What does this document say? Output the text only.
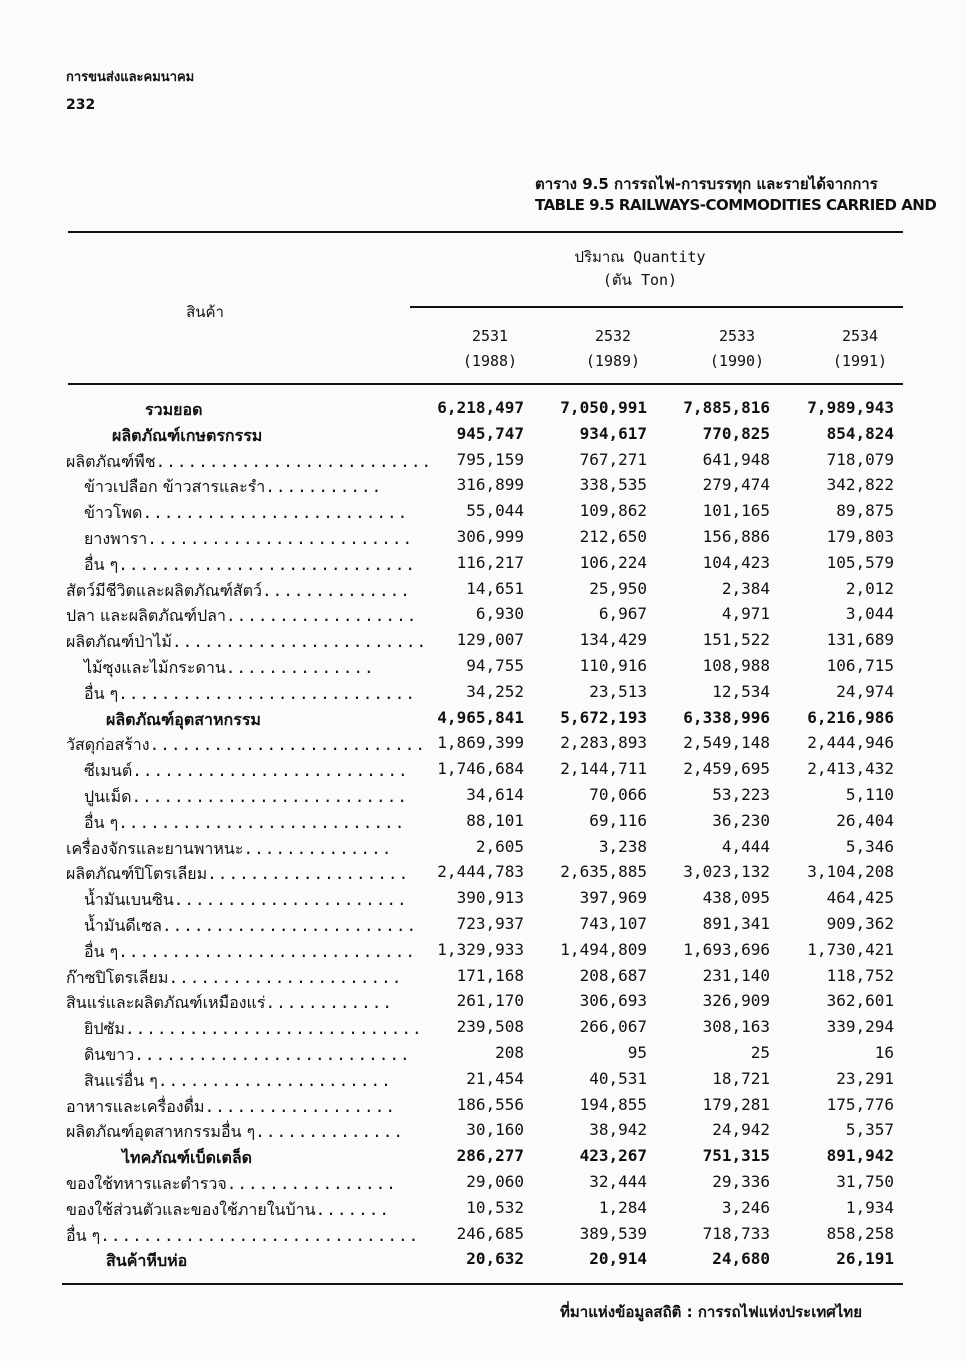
การขนส่งและคมนาคม
232
ตาราง 9.5 การรถไฟ-การบรรทุก และรายได้จากการ
TABLE 9.5 RAILWAYS-COMMODITIES CARRIED AND
ปริมาณ Quantity
(ตัน Ton)
สินค้า
2531
(1988)
2532
(1989)
2533
(1990)
2534
(1991)
รวมยอด	6,218,497	7,050,991	7,885,816	7,989,943
ผลิตภัณฑ์เกษตรกรรม	945,747	934,617	770,825	854,824
ผลิตภัณฑ์พืช..........................	795,159	767,271	641,948	718,079
ข้าวเปลือก ข้าวสารและรำ...........	316,899	338,535	279,474	342,822
ข้าวโพด.........................	55,044	109,862	101,165	89,875
ยางพารา.........................	306,999	212,650	156,886	179,803
อื่น ๆ............................	116,217	106,224	104,423	105,579
สัตว์มีชีวิตและผลิตภัณฑ์สัตว์..............	14,651	25,950	2,384	2,012
ปลา และผลิตภัณฑ์ปลา..................	6,930	6,967	4,971	3,044
ผลิตภัณฑ์ป่าไม้........................	129,007	134,429	151,522	131,689
ไม้ซุงและไม้กระดาน..............	94,755	110,916	108,988	106,715
อื่น ๆ............................	34,252	23,513	12,534	24,974
ผลิตภัณฑ์อุตสาหกรรม	4,965,841	5,672,193	6,338,996	6,216,986
วัสดุก่อสร้าง.......................... 1,869,399	2,283,893	2,549,148	2,444,946
ซีเมนต์..........................	1,746,684	2,144,711	2,459,695	2,413,432
ปูนเม็ด..........................	34,614	70,066	53,223	5,110
อื่น ๆ...........................	88,101	69,116	36,230	26,404
เครื่องจักรและยานพาหนะ..............	2,605	3,238	4,444	5,346
ผลิตภัณฑ์ปิโตรเลียม...................	2,444,783	2,635,885	3,023,132	3,104,208
น้ำมันเบนซิน......................	390,913	397,969	438,095	464,425
น้ำมันดีเซล........................	723,937	743,107	891,341	909,362
อื่น ๆ............................	1,329,933	1,494,809	1,693,696	1,730,421
ก๊าซปิโตรเลียม......................	171,168	208,687	231,140	118,752
สินแร่และผลิตภัณฑ์เหมืองแร่............	261,170	306,693	326,909	362,601
ยิปซัม............................	239,508	266,067	308,163	339,294
ดินขาว..........................	208	95	25	16
สินแร่อื่น ๆ......................	21,454	40,531	18,721	23,291
อาหารและเครื่องดื่ม..................	186,556	194,855	179,281	175,776
ผลิตภัณฑ์อุตสาหกรรมอื่น ๆ..............	30,160	38,942	24,942	5,357
ไทคภัณฑ์เบ็ดเตล็ด	286,277	423,267	751,315	891,942
ของใช้ทหารและตำรวจ................	29,060	32,444	29,336	31,750
ของใช้ส่วนตัวและของใช้ภายในบ้าน.......	10,532	1,284	3,246	1,934
อื่น ๆ..............................	246,685	389,539	718,733	858,258
สินค้าหีบห่อ	20,632	20,914	24,680	26,191
ที่มาแห่งข้อมูลสถิติ : การรถไฟแห่งประเทศไทย
